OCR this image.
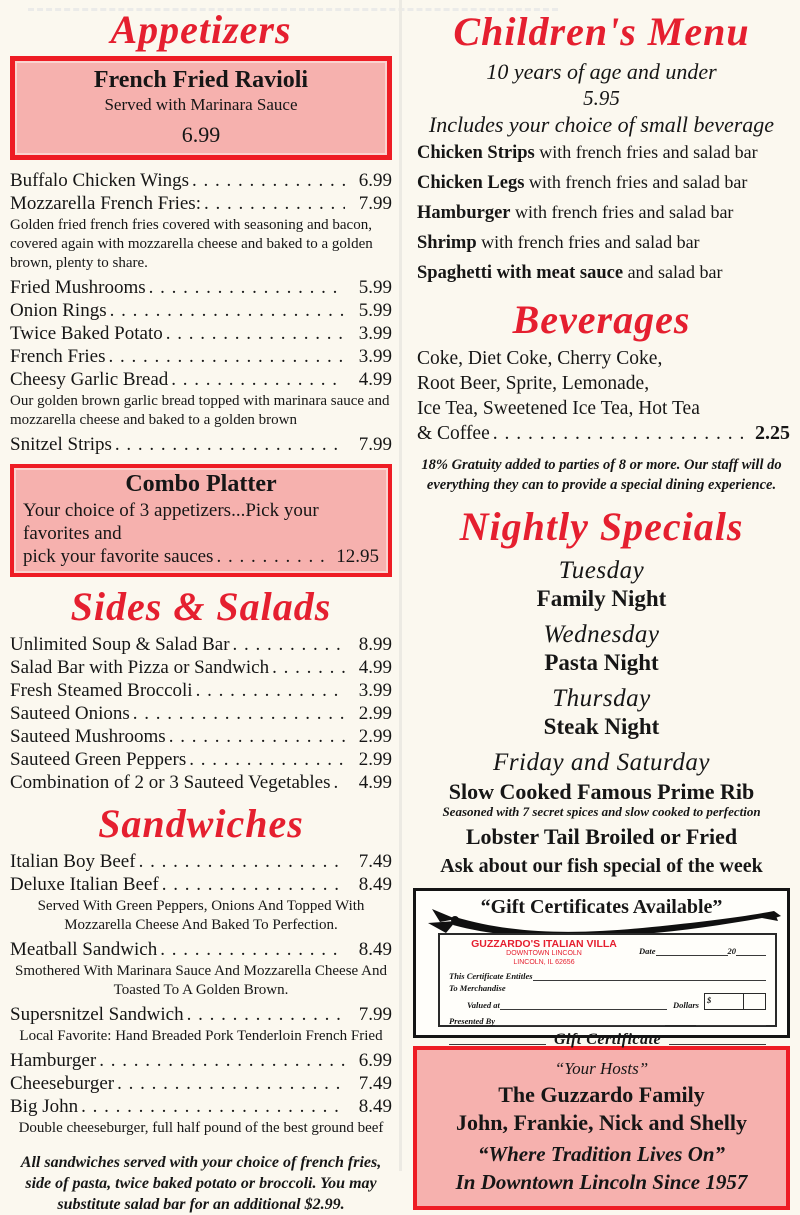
Appetizers
French Fried Ravioli
Served with Marinara Sauce
6.99
Buffalo Chicken Wings . . .	6.99
Mozzarella French Fries: . . .	7.99
Golden fried french fries covered with seasoning and bacon, covered again with mozzarella cheese and baked to a golden brown, plenty to share.
Fried Mushrooms . . .	5.99
Onion Rings . . .	5.99
Twice Baked Potato . . .	3.99
French Fries . . .	3.99
Cheesy Garlic Bread . . .	4.99
Our golden brown garlic bread topped with marinara sauce and mozzarella cheese and baked to a golden brown
Snitzel Strips . . .	7.99
Combo Platter
Your choice of 3 appetizers...Pick your favorites and
pick your favorite sauces . . .	12.95
Sides & Salads
Unlimited Soup & Salad Bar . . .	8.99
Salad Bar with Pizza or Sandwich . . .	4.99
Fresh Steamed Broccoli . . .	3.99
Sauteed Onions . . .	2.99
Sauteed Mushrooms . . .	2.99
Sauteed Green Peppers . . .	2.99
Combination of 2 or 3 Sauteed Vegetables . . .	4.99
Sandwiches
Italian Boy Beef . . .	7.49
Deluxe Italian Beef . . .	8.49
Served With Green Peppers, Onions And Topped With Mozzarella Cheese And Baked To Perfection.
Meatball Sandwich . . .	8.49
Smothered With Marinara Sauce And Mozzarella Cheese And Toasted To A Golden Brown.
Supersnitzel Sandwich . . .	7.99
Local Favorite: Hand Breaded Pork Tenderloin French Fried
Hamburger . . .	6.99
Cheeseburger . . .	7.49
Big John . . .	8.49
Double cheeseburger, full half pound of the best ground beef
All sandwiches served with your choice of french fries, side of pasta, twice baked potato or broccoli. You may substitute salad bar for an additional $2.99.
Children's Menu
10 years of age and under
5.95
Includes your choice of small beverage
Chicken Strips with french fries and salad bar
Chicken Legs with french fries and salad bar
Hamburger with french fries and salad bar
Shrimp with french fries and salad bar
Spaghetti with meat sauce and salad bar
Beverages
Coke, Diet Coke, Cherry Coke,
Root Beer, Sprite, Lemonade,
Ice Tea, Sweetened Ice Tea, Hot Tea
& Coffee . . .	2.25
18% Gratuity added to parties of 8 or more. Our staff will do everything they can to provide a special dining experience.
Nightly Specials
Tuesday
Family Night
Wednesday
Pasta Night
Thursday
Steak Night
Friday and Saturday
Slow Cooked Famous Prime Rib
Seasoned with 7 secret spices and slow cooked to perfection
Lobster Tail Broiled or Fried
Ask about our fish special of the week
“Gift Certificates Available”
GUZZARDO'S ITALIAN VILLA
DOWNTOWN LINCOLN
LINCOLN, IL 62656
Date	20
This Certificate Entitles
To Merchandise
Valued at	Dollars $
Presented By
Gift Certificate
“Your Hosts”
The Guzzardo Family
John, Frankie, Nick and Shelly
“Where Tradition Lives On”
In Downtown Lincoln Since 1957
